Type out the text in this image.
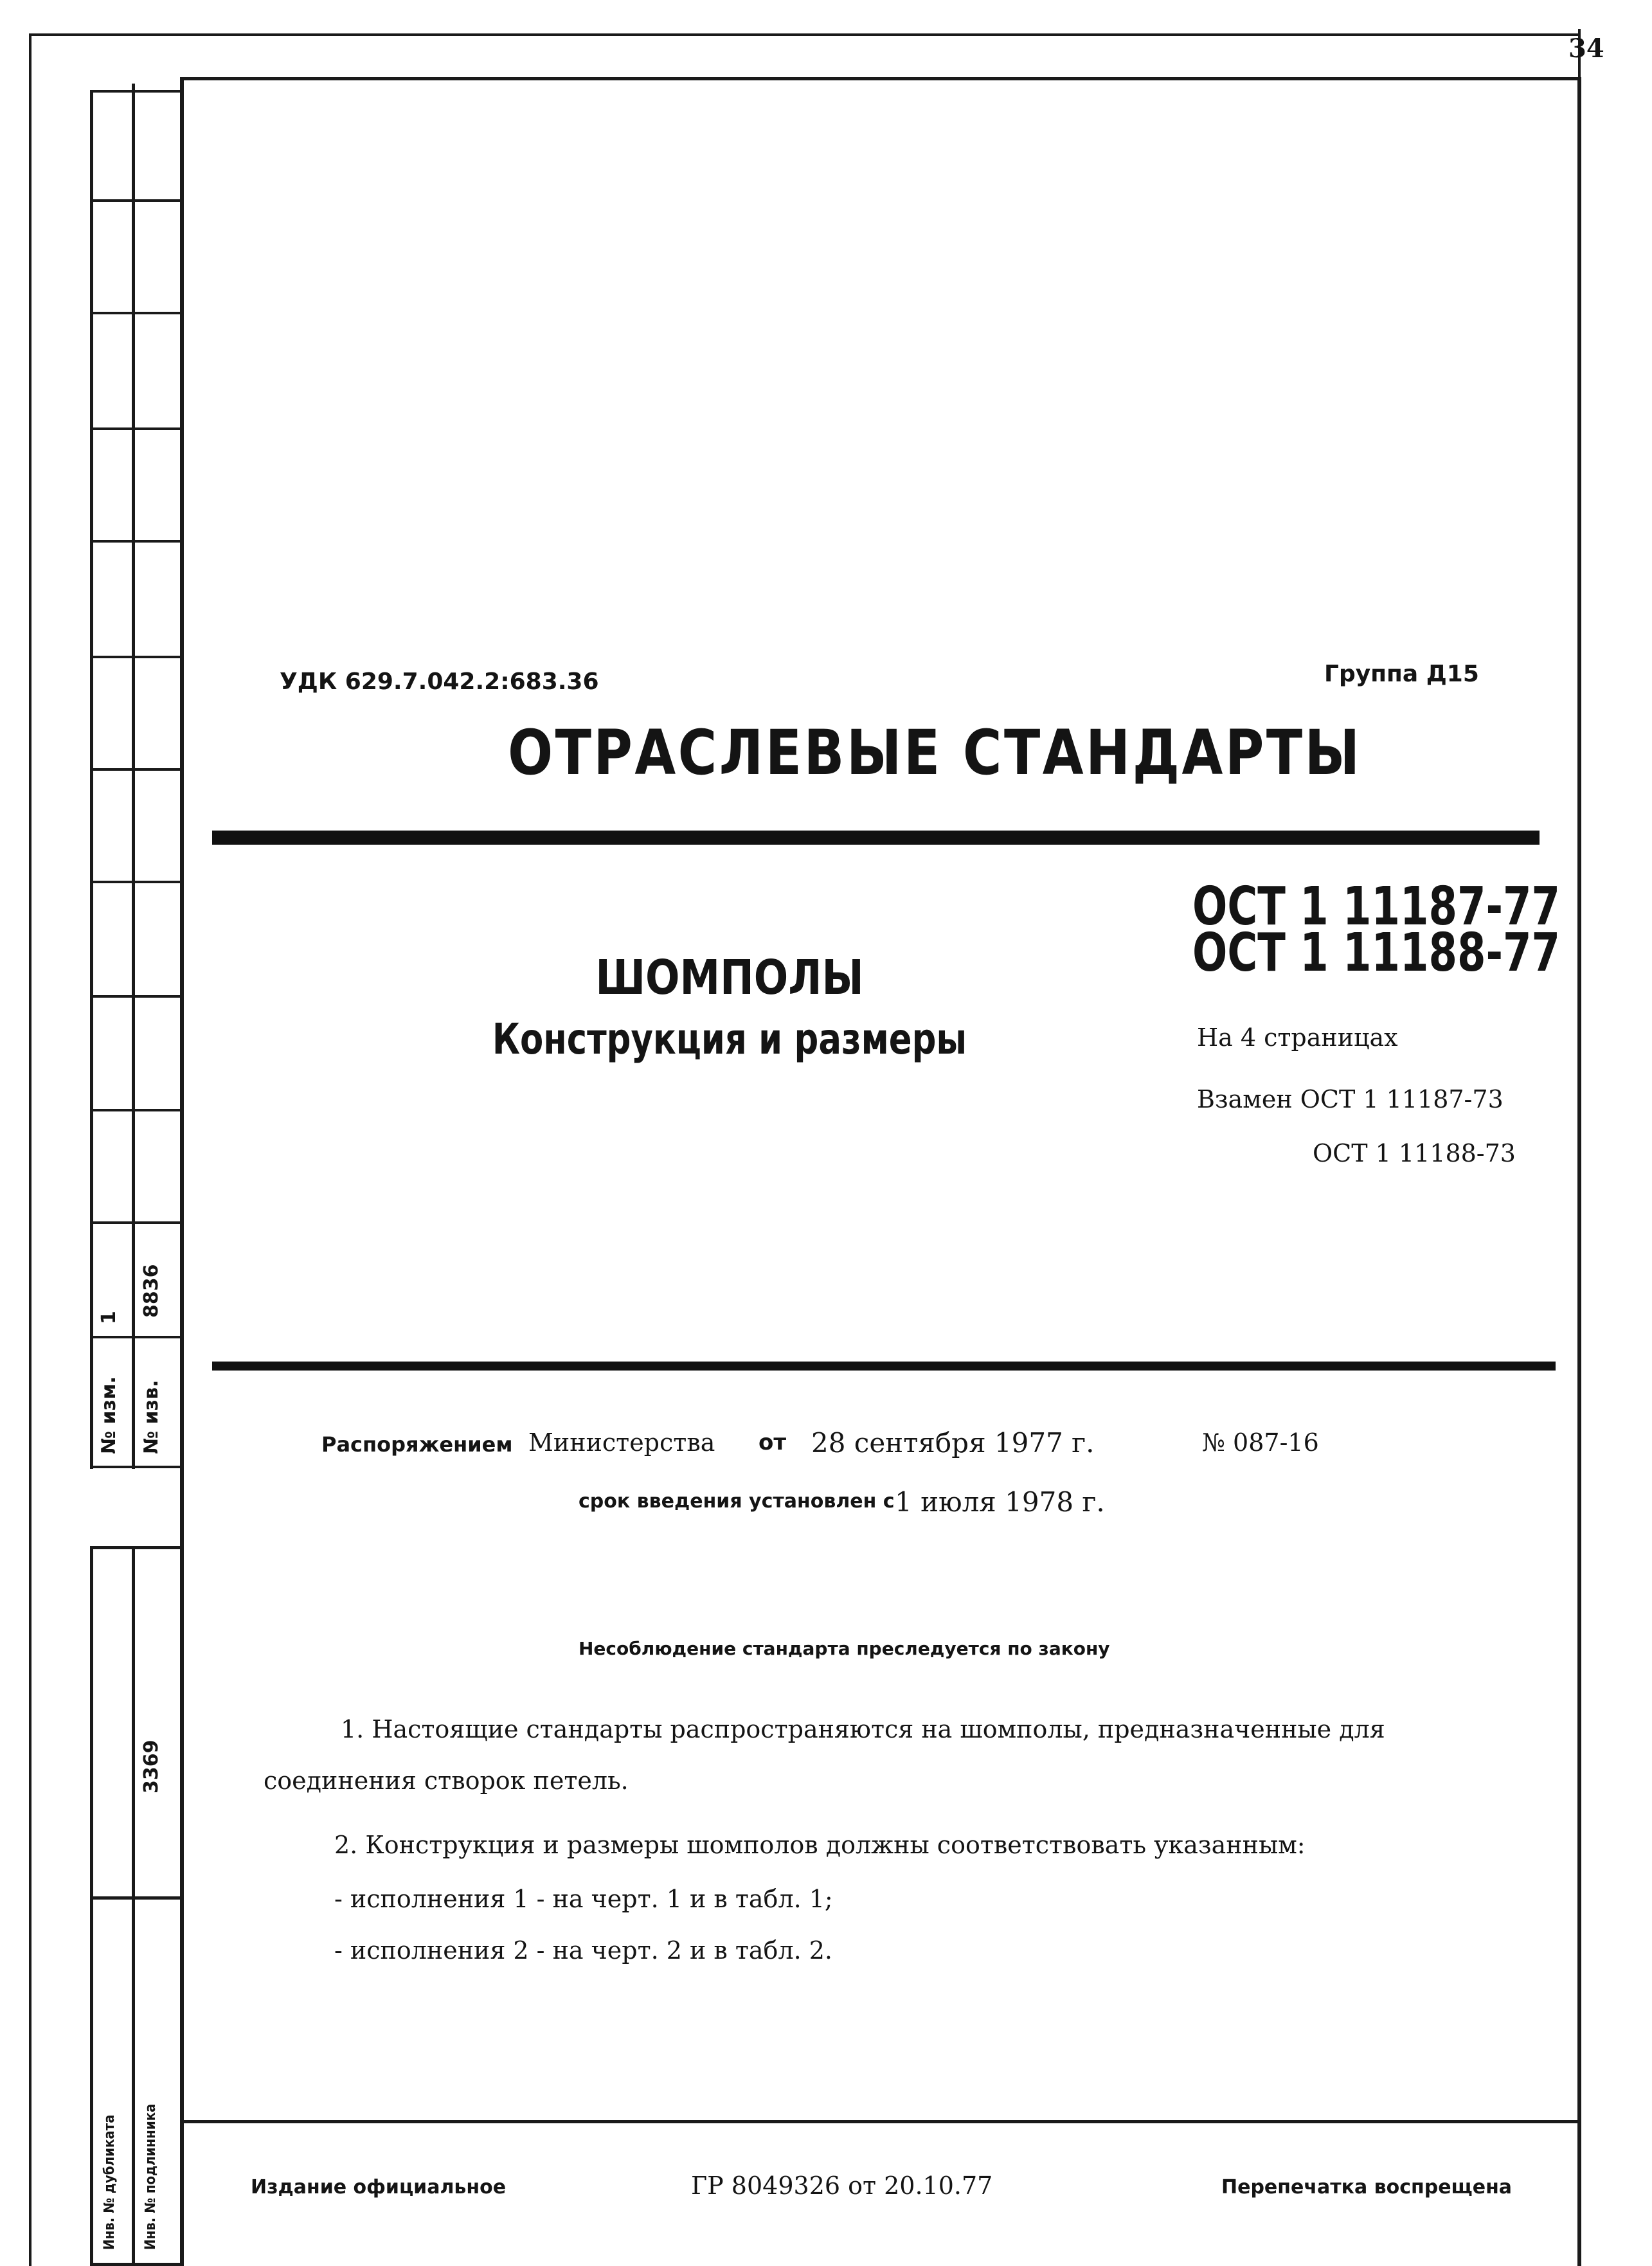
34
1 8836
№ изм. № изв.
3369
Инв. № дубликата Инв. № подлинника
УДК 629.7.042.2:683.36	Группа Д15
ОТРАСЛЕВЫЕ СТАНДАРТЫ
ОСТ 1 11187-77
ОСТ 1 11188-77
ШОМПОЛЫ
Конструкция и размеры	На 4 страницах
Взамен ОСТ 1 11187-73
ОСТ 1 11188-73
Распоряжением Министерства от 28 сентября 1977 г.	№ 087-16
срок введения установлен с 1 июля 1978 г.
Несоблюдение стандарта преследуется по закону
1. Настоящие стандарты распространяются на шомполы, предназначенные для
соединения створок петель.
2. Конструкция и размеры шомполов должны соответствовать указанным:
- исполнения 1 - на черт. 1 и в табл. 1;
- исполнения 2 - на черт. 2 и в табл. 2.
Издание официальное	ГР 8049326 от 20.10.77	Перепечатка воспрещена
